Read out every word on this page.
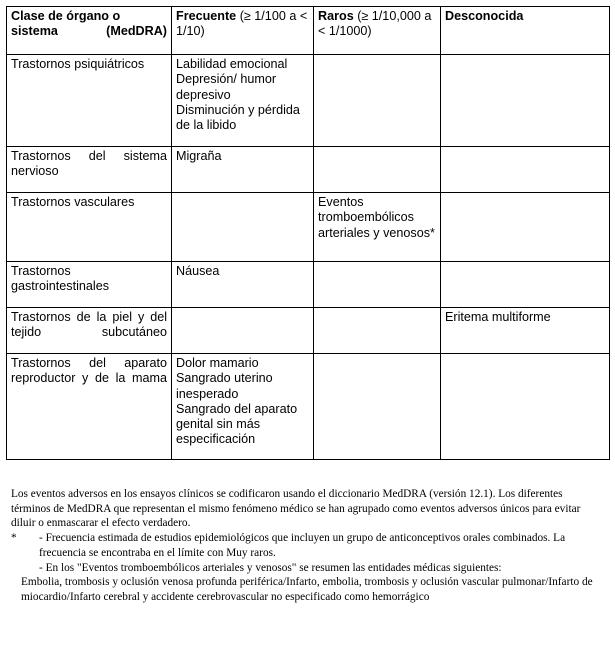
Clase de órgano o sistema (MedDRA)	Frecuente (≥ 1/100 a < 1/10)	Raros (≥ 1/10,000 a < 1/1000)	Desconocida

Trastornos psiquiátricos	Labilidad emocional
Depresión/ humor depresivo
Disminución y pérdida de la libido		

Trastornos del sistema nervioso	Migraña		

Trastornos vasculares		Eventos tromboembólicos arteriales y venosos*	

Trastornos gastrointestinales	Náusea		

Trastornos de la piel y del tejido subcutáneo			Eritema multiforme

Trastornos del aparato reproductor y de la mama	Dolor mamario
Sangrado uterino inesperado
Sangrado del aparato genital sin más especificación		

Los eventos adversos en los ensayos clínicos se codificaron usando el diccionario MedDRA (versión 12.1). Los diferentes términos de MedDRA que representan el mismo fenómeno médico se han agrupado como eventos adversos únicos para evitar diluir o enmascarar el efecto verdadero.

*	- Frecuencia estimada de estudios epidemiológicos que incluyen un grupo de anticonceptivos orales combinados. La frecuencia se encontraba en el límite con Muy raros.

- En los "Eventos tromboembólicos arteriales y venosos" se resumen las entidades médicas siguientes:

Embolia, trombosis y oclusión venosa profunda periférica/Infarto, embolia, trombosis y oclusión vascular pulmonar/Infarto de miocardio/Infarto cerebral y accidente cerebrovascular no especificado como hemorrágico
